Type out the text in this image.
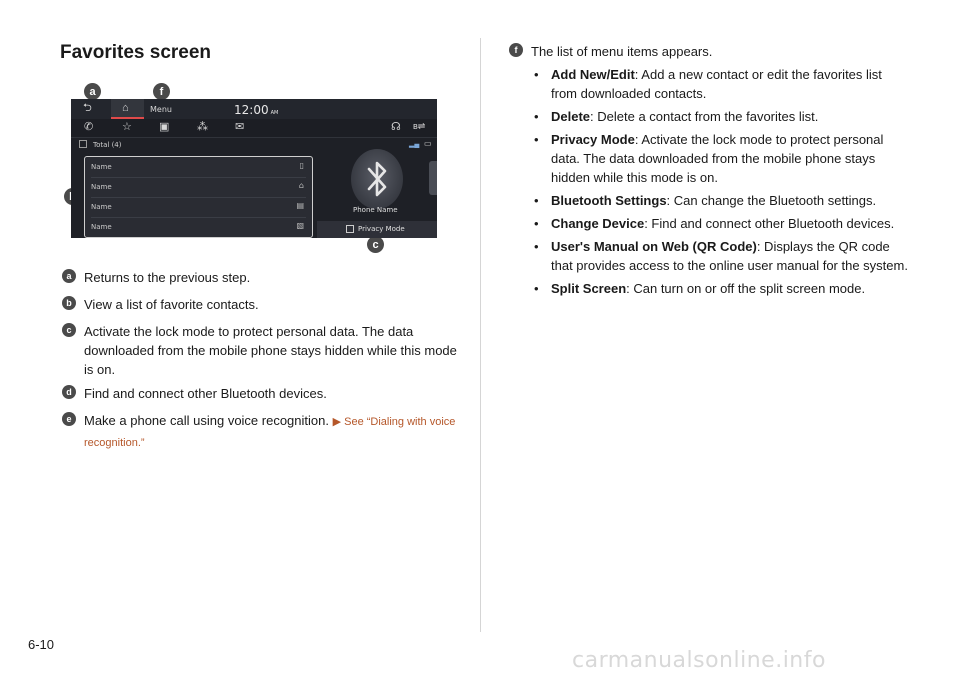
Favorites screen
a	f
c
⮌	⌂	Menu	12:00 AM
✆	☆ ▣	⁂ ✉	☊ ʙ⇌
Total (4)	▂▄ ▭
Name	▯
Name	⌂
Name	▤
Name	▧
Phone Name
Privacy Mode
a Returns to the previous step.
b View a list of favorite contacts.
c Activate the lock mode to protect personal data. The data downloaded from the mobile phone stays hidden while this mode is on.
d Find and connect other Bluetooth devices.
e Make a phone call using voice recognition. ▶ See “Dialing with voice recognition.”
f	The list of menu items appears.
• Add New/Edit: Add a new contact or edit the favorites list from downloaded contacts.
• Delete: Delete a contact from the favorites list.
• Privacy Mode: Activate the lock mode to protect personal data. The data downloaded from the mobile phone stays hidden while this mode is on.
• Bluetooth Settings: Can change the Bluetooth settings.
• Change Device: Find and connect other Bluetooth devices.
• User's Manual on Web (QR Code): Displays the QR code that provides access to the online user manual for the system.
• Split Screen: Can turn on or off the split screen mode.
6-10
carmanualsonline.info
